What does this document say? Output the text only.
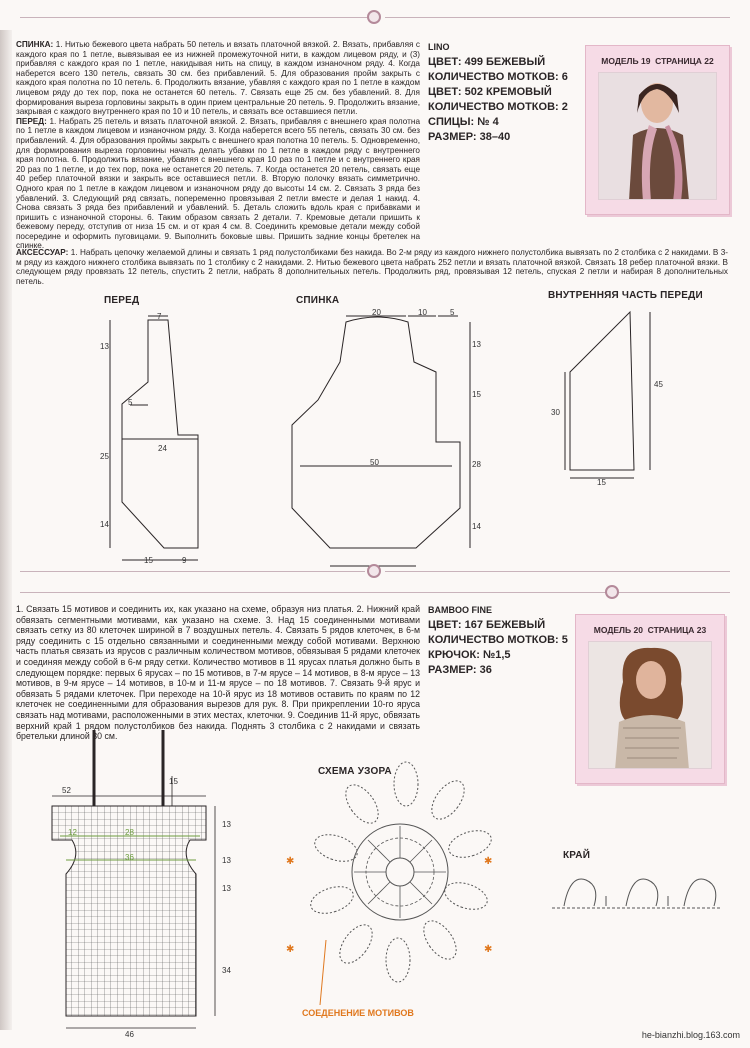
СПИНКА: 1. Нитью бежевого цвета набрать 50 петель и вязать платочной вязкой. 2. Вязать, прибавляя с каждого края по 1 петле, вывязывая ее из нижней промежуточной нити, в каждом лицевом ряду, и (3) прибавляя с каждого края по 1 петле, накидывая нить на спицу, в каждом изнаночном ряду. 4. Когда наберется всего 130 петель, связать 30 см. без прибавлений. 5. Для образования пройм закрыть с каждого края полотна по 10 петель. 6. Продолжить вязание, убавляя с каждого края по 1 петле в каждом лицевом ряду до тех пор, пока не останется 60 петель. 7. Связать еще 25 см. без убавлений. 8. Для формирования выреза горловины закрыть в один прием центральные 20 петель. 9. Продолжить вязание, закрывая с каждого внутреннего края по 10 и 10 петель, и связать все оставшиеся петли.

ПЕРЕД: 1. Набрать 25 петель и вязать платочной вязкой. 2. Вязать, прибавляя с внешнего края полотна по 1 петле в каждом лицевом и изнаночном ряду. 3. Когда наберется всего 55 петель, связать 30 см. без прибавлений. 4. Для образования проймы закрыть с внешнего края полотна 10 петель. 5. Одновременно, для формирования выреза горловины начать делать убавки по 1 петле в каждом ряду с внутреннего края полотна. 6. Продолжить вязание, убавляя с внешнего края 10 раз по 1 петле и с внутреннего края 20 раз по 1 петле, и до тех пор, пока не останется 20 петель. 7. Когда останется 20 петель, связать еще 40 ребер платочной вязки и закрыть все оставшиеся петли. 8. Вторую полочку вязать симметрично. Одного края по 1 петле в каждом лицевом и изнаночном ряду до высоты 14 см. 2. Связать 3 ряда без убавлений. 3. Следующий ряд связать, попеременно провязывая 2 петли вместе и делая 1 накид. 4. Снова связать 3 ряда без прибавлений и убавлений. 5. Деталь сложить вдоль края с прибавками и пришить с изнаночной стороны. 6. Таким образом связать 2 детали. 7. Кремовые детали пришить к бежевому переду, отступив от низа 15 см. и от края 4 см. 8. Соединить кремовые детали между собой посередине и оформить пуговицами. 9. Выполнить боковые швы. Пришить задние концы бретелек на спинке.

АКСЕССУАР: 1. Набрать цепочку желаемой длины и связать 1 ряд полустолбиками без накида. Во 2-м ряду из каждого нижнего полустолбика вывязать по 2 столбика с 2 накидами. В 3-м ряду из каждого нижнего столбика вывязать по 1 столбику с 2 накидами. 2. Нитью бежевого цвета набрать 252 петли и вязать платочной вязкой. Связать 18 ребер платочной вязки. В следующем ряду провязать 12 петель, спустить 2 петли, набрать 8 дополнительных петель. Продолжить ряд, провязывая 12 петель, спуская 2 петли и набирая 8 дополнительных петель.

LINO
ЦВЕТ: 499 БЕЖЕВЫЙ
КОЛИЧЕСТВО МОТКОВ: 6
ЦВЕТ: 502 КРЕМОВЫЙ
КОЛИЧЕСТВО МОТКОВ: 2
СПИЦЫ: № 4
РАЗМЕР: 38–40
МОДЕЛЬ 19 СТРАНИЦА 22
ПЕРЕД
7
13
5
24
25
14
15	9
СПИНКА
20	10	5
13
15
50	28
14
ВНУТРЕННЯЯ ЧАСТЬ ПЕРЕДИ
45
30
15
1. Связать 15 мотивов и соединить их, как указано на схеме, образуя низ платья. 2. Нижний край обвязать сегментными мотивами, как указано на схеме. 3. Над 15 соединенными мотивами связать сетку из 80 клеточек шириной в 7 воздушных петель. 4. Связать 5 рядов клеточек, в 6-м ряду соединить с 15 отдельно связанными и соединенными между собой мотивами. Верхнюю часть платья связать из ярусов с различным количеством мотивов, обвязывая 5 рядами клеточек и соединяя между собой в 6-м ряду сетки. Количество мотивов в 11 ярусах платья должно быть в следующем порядке: первых 6 ярусах – по 15 мотивов, в 7-м ярусе – 14 мотивов, в 8-м ярусе – 13 мотивов, в 9-м ярусе – 14 мотивов, в 10-м и 11-м ярусе – по 18 мотивов. 7. Связать 9-й ярус и обвязать 5 рядами клеточек. При переходе на 10-й ярус из 18 мотивов оставить по краям по 12 клеточек не соединенными для образования вырезов для рук. 8. При прикреплении 10-го яруса связать над мотивами, расположенными в этих местах, клеточки. 9. Соединив 11-й ярус, обвязать верхний край 1 рядом полустолбиков без накида. Поднять 3 столбика с 2 накидами и связать бретельки длиной 30 см.
BAMBOO FINE
ЦВЕТ: 167 БЕЖЕВЫЙ
КОЛИЧЕСТВО МОТКОВ: 5
КРЮЧОК: №1,5
РАЗМЕР: 36
МОДЕЛЬ 20 СТРАНИЦА 23
52
15
13
12	28
36	13
13
34
46
СХЕМА УЗОРА
✱
✱
✱
✱
СОЕДЕНЕНИЕ МОТИВОВ
КРАЙ
he-bianzhi.blog.163.com
